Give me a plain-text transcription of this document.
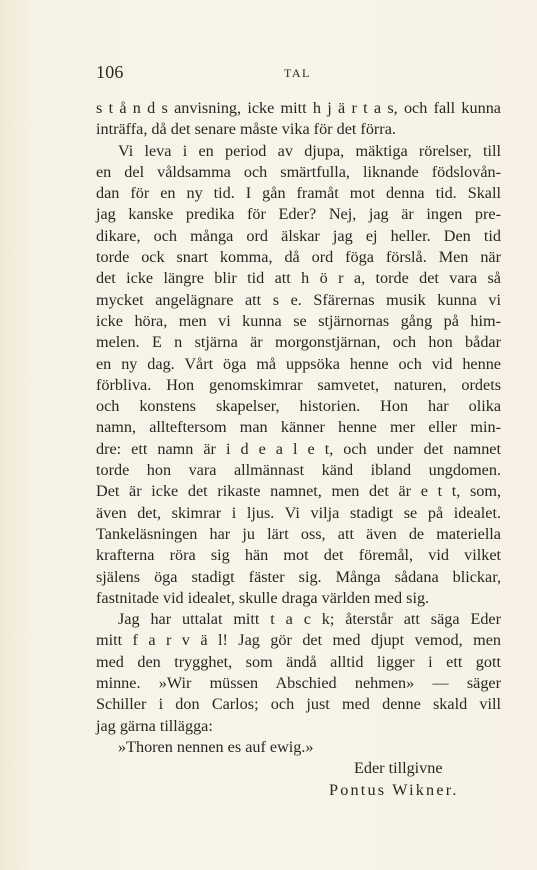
106	TAL
s t å n d s anvisning, icke mitt h j ä r t a s, och fall kunna
inträffa, då det senare måste vika för det förra.
Vi leva i en period av djupa, mäktiga rörelser, till
en del våldsamma och smärtfulla, liknande födslovån-
dan för en ny tid. I gån framåt mot denna tid. Skall
jag kanske predika för Eder? Nej, jag är ingen pre-
dikare, och många ord älskar jag ej heller. Den tid
torde ock snart komma, då ord föga förslå. Men när
det icke längre blir tid att h ö r a, torde det vara så
mycket angelägnare att s e. Sfärernas musik kunna vi
icke höra, men vi kunna se stjärnornas gång på him-
melen. E n stjärna är morgonstjärnan, och hon bådar
en ny dag. Vårt öga må uppsöka henne och vid henne
förbliva. Hon genomskimrar samvetet, naturen, ordets
och konstens skapelser, historien. Hon har olika
namn, allteftersom man känner henne mer eller min-
dre: ett namn är i d e a l e t, och under det namnet
torde hon vara allmännast känd ibland ungdomen.
Det är icke det rikaste namnet, men det är e t t, som,
även det, skimrar i ljus. Vi vilja stadigt se på idealet.
Tankeläsningen har ju lärt oss, att även de materiella
krafterna röra sig hän mot det föremål, vid vilket
själens öga stadigt fäster sig. Många sådana blickar,
fastnitade vid idealet, skulle draga världen med sig.
Jag har uttalat mitt t a c k; återstår att säga Eder
mitt f a r v ä l! Jag gör det med djupt vemod, men
med den trygghet, som ändå alltid ligger i ett gott
minne. »Wir müssen Abschied nehmen» — säger
Schiller i don Carlos; och just med denne skald vill
jag gärna tillägga:
»Thoren nennen es auf ewig.»
Eder tillgivne
Pontus Wikner.
